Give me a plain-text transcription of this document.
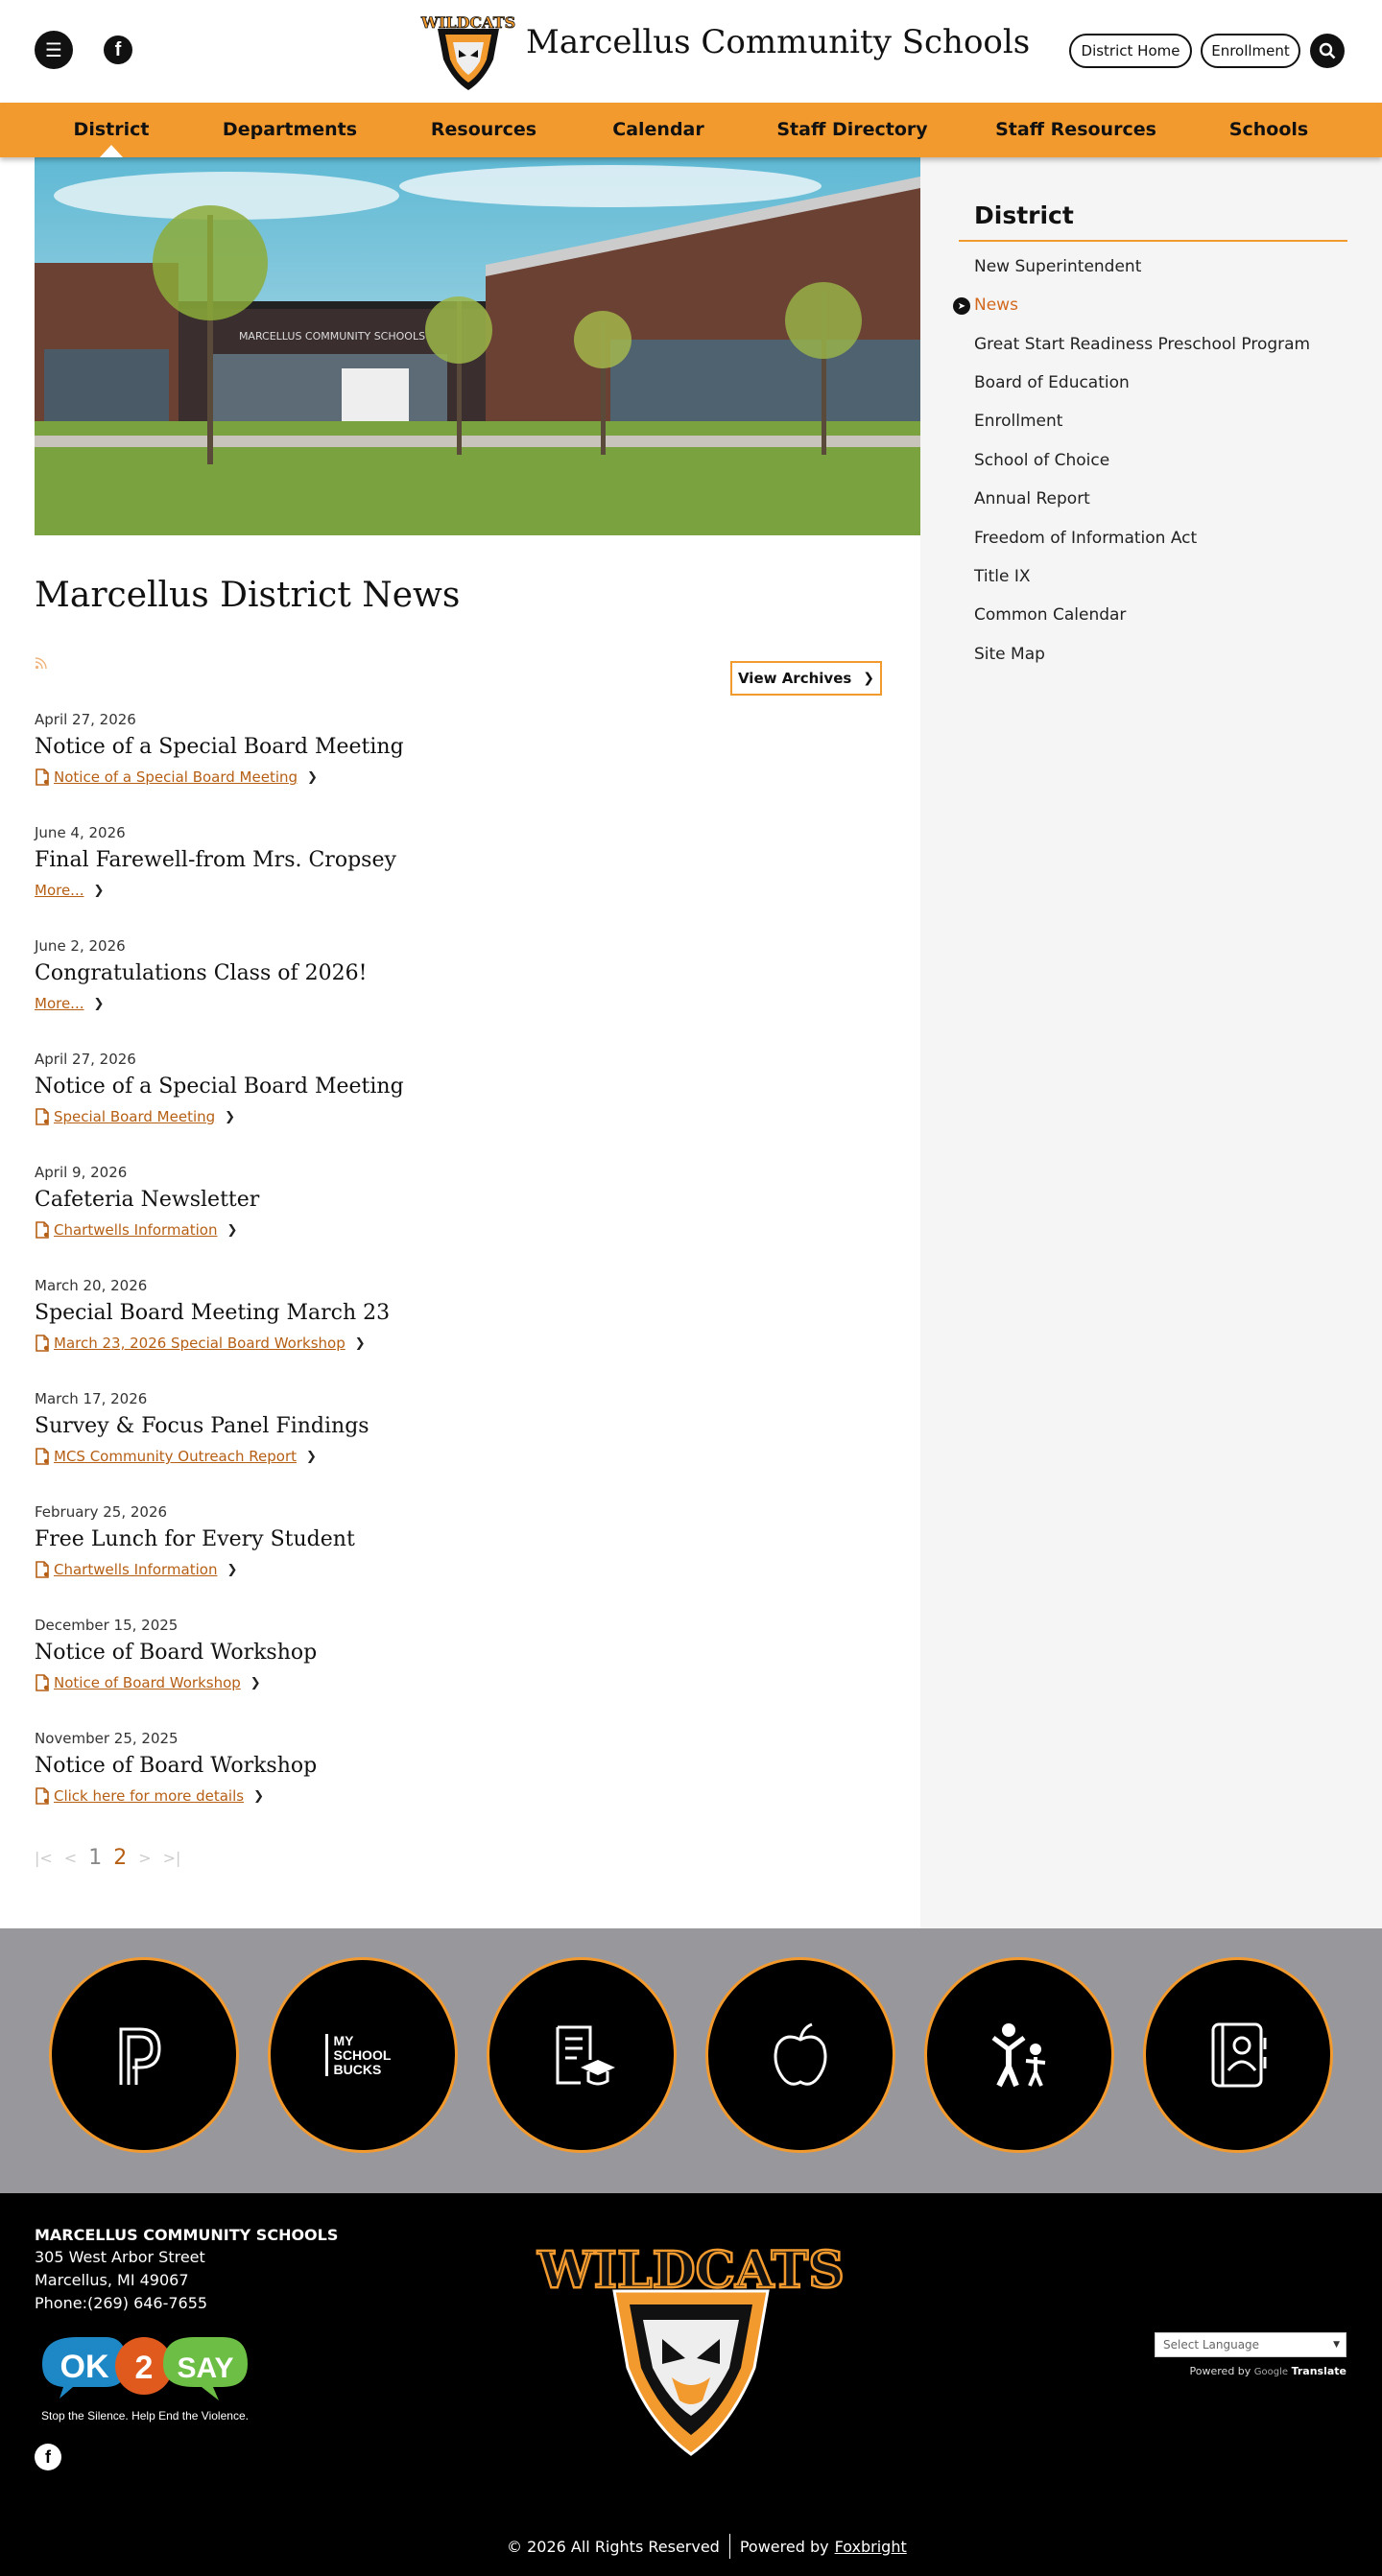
☰	f
WILDCATS
Marcellus Community Schools	District Home	Enrollment
District	Departments	Resources	Calendar	Staff Directory	Staff Resources	Schools
MARCELLUS COMMUNITY SCHOOLS
District
➤
New Superintendent
News
Great Start Readiness Preschool Program
Board of Education
Enrollment
School of Choice
Annual Report
Freedom of Information Act
Title IX
Common Calendar
Site Map
Marcellus District News
View Archives ❯
April 27, 2026
Notice of a Special Board Meeting
Notice of a Special Board Meeting ❯
June 4, 2026
Final Farewell-from Mrs. Cropsey
More... ❯
June 2, 2026
Congratulations Class of 2026!
More... ❯
April 27, 2026
Notice of a Special Board Meeting
Special Board Meeting ❯
April 9, 2026
Cafeteria Newsletter
Chartwells Information ❯
March 20, 2026
Special Board Meeting March 23
March 23, 2026 Special Board Workshop ❯
March 17, 2026
Survey & Focus Panel Findings
MCS Community Outreach Report ❯
February 25, 2026
Free Lunch for Every Student
Chartwells Information ❯
December 15, 2025
Notice of Board Workshop
Notice of Board Workshop ❯
November 25, 2025
Notice of Board Workshop
Click here for more details ❯
|< < 1 2 > >|
MY SCHOOL BUCKS
MARCELLUS COMMUNITY SCHOOLS
305 West Arbor Street
Marcellus, MI 49067
Phone:(269) 646-7655
OK 2 SAY
Stop the Silence. Help End the Violence.
f
WILDCATS
Select Language	▼
Powered by Google Translate
© 2026 All Rights Reserved Powered by Foxbright
